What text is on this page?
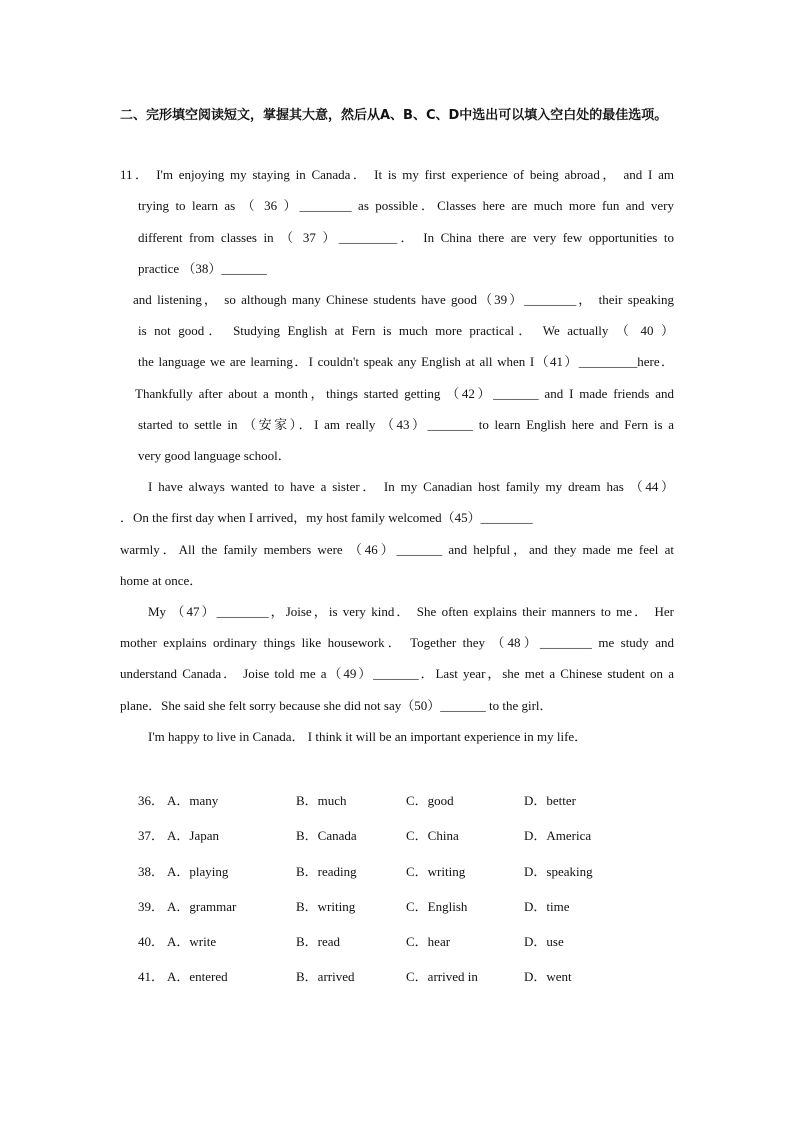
二、完形填空阅读短文，掌握其大意，然后从A、B、C、D中选出可以填入空白处的最佳选项。
11． I'm enjoying my staying in Canada． It is my first experience of being abroad， and I am
trying to learn as （ 36 ）________ as possible．Classes here are much more fun and very
different from classes in （ 37 ）_________． In China there are very few opportunities to
practice （38）_______
and listening， so although many Chinese students have good（39）________， their speaking
is not good． Studying English at Fern is much more practical． We actually （ 40 ）
the language we are learning．I couldn't speak any English at all when I（41）_________here．
Thankfully after about a month，things started getting （42）_______ and I made friends and
started to settle in （安家）．I am really （43）_______ to learn English here and Fern is a
very good language school．
I have always wanted to have a sister． In my Canadian host family my dream has （44）
．On the first day when I arrived，my host family welcomed（45）________
warmly．All the family members were （46）_______ and helpful，and they made me feel at
home at once．
My （47）________，Joise，is very kind． She often explains their manners to me． Her
mother explains ordinary things like housework． Together they （48）________ me study and
understand Canada． Joise told me a（49）_______．Last year，she met a Chinese student on a
plane．She said she felt sorry because she did not say（50）_______ to the girl．
I'm happy to live in Canada． I think it will be an important experience in my life．
36． A．many	B．much	C．good	D．better
37． A．Japan	B．Canada	C．China	D．America
38． A．playing	B．reading	C．writing	D．speaking
39． A．grammar	B．writing	C．English	D．time
40． A．write	B．read	C．hear	D．use
41． A．entered	B．arrived	C．arrived in	D．went
